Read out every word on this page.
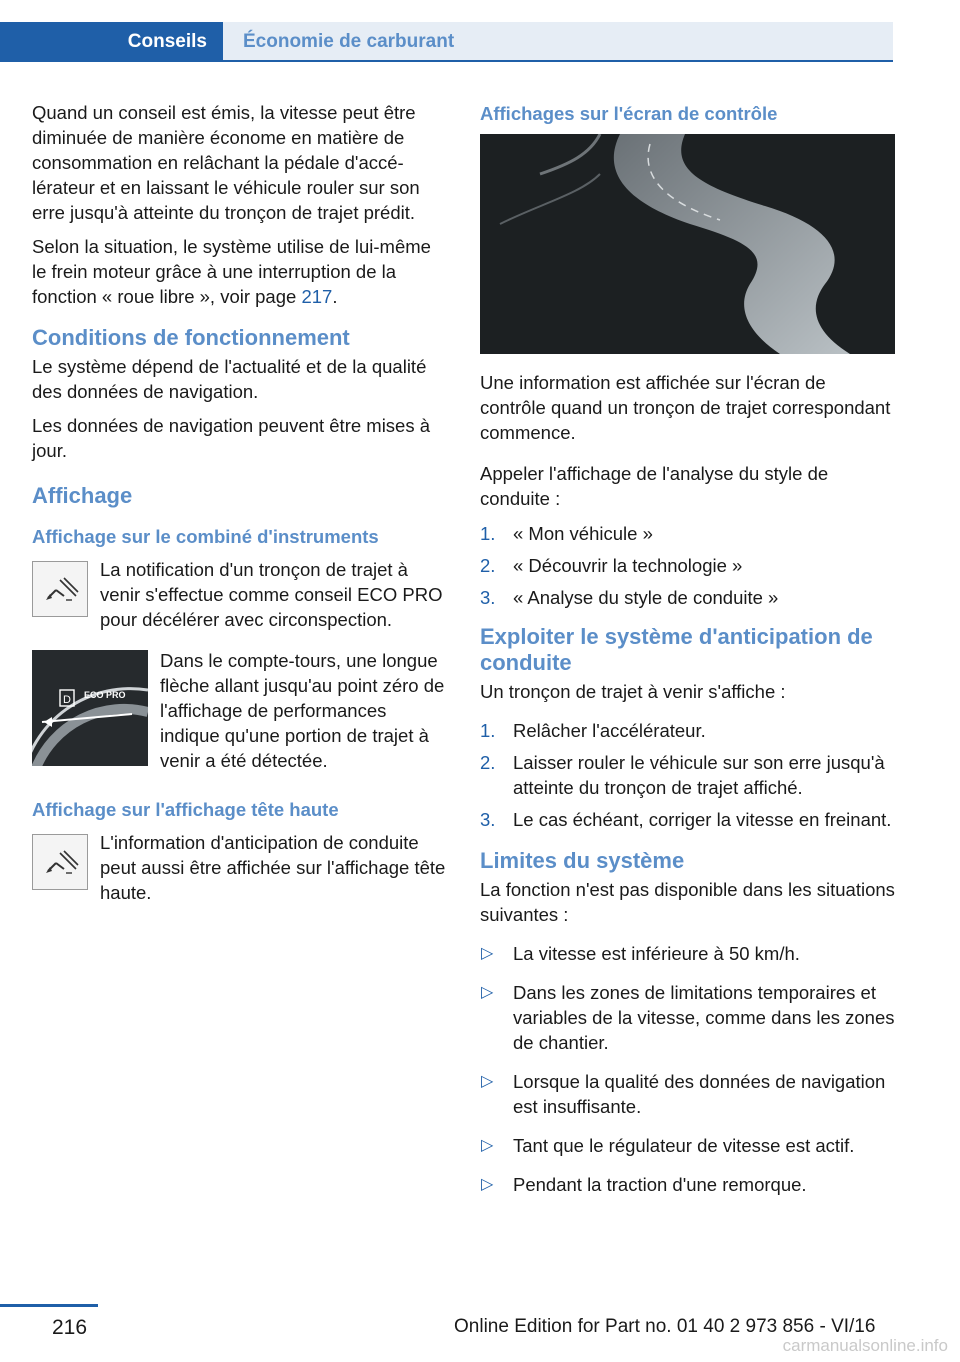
Conseils	Économie de carburant

Quand un conseil est émis, la vitesse peut être diminuée de manière économe en matière de consommation en relâchant la pédale d'accélérateur et en laissant le véhicule rouler sur son erre jusqu'à atteinte du tronçon de trajet prédit.

Selon la situation, le système utilise de lui-même le frein moteur grâce à une interruption de la fonction « roue libre », voir page 217.

Conditions de fonctionnement

Le système dépend de l'actualité et de la qualité des données de navigation.

Les données de navigation peuvent être mises à jour.

Affichage
Affichage sur le combiné d'instruments
La notification d'un tronçon de trajet à venir s'effectue comme conseil ECO PRO pour décélérer avec circonspection.
D ECO PRO
Dans le compte-tours, une longue flèche allant jusqu'au point zéro de l'affichage de performances indique qu'une portion de trajet à venir a été détectée.
Affichage sur l'affichage tête haute
L'information d'anticipation de conduite peut aussi être affichée sur l'affichage tête haute.
Affichages sur l'écran de contrôle

Une information est affichée sur l'écran de contrôle quand un tronçon de trajet correspondant commence.

Appeler l'affichage de l'analyse du style de conduite :

1. « Mon véhicule »
2. « Découvrir la technologie »
3. « Analyse du style de conduite »
Exploiter le système d'anticipation de conduite

Un tronçon de trajet à venir s'affiche :

1. Relâcher l'accélérateur.
2. Laisser rouler le véhicule sur son erre jusqu'à atteinte du tronçon de trajet affiché.
3. Le cas échéant, corriger la vitesse en freinant.
Limites du système

La fonction n'est pas disponible dans les situations suivantes :

▷ La vitesse est inférieure à 50 km/h.
▷ Dans les zones de limitations temporaires et variables de la vitesse, comme dans les zones de chantier.
▷ Lorsque la qualité des données de navigation est insuffisante.
▷ Tant que le régulateur de vitesse est actif.
▷ Pendant la traction d'une remorque.
216	Online Edition for Part no. 01 40 2 973 856 - VI/16
carmanualsonline.info
